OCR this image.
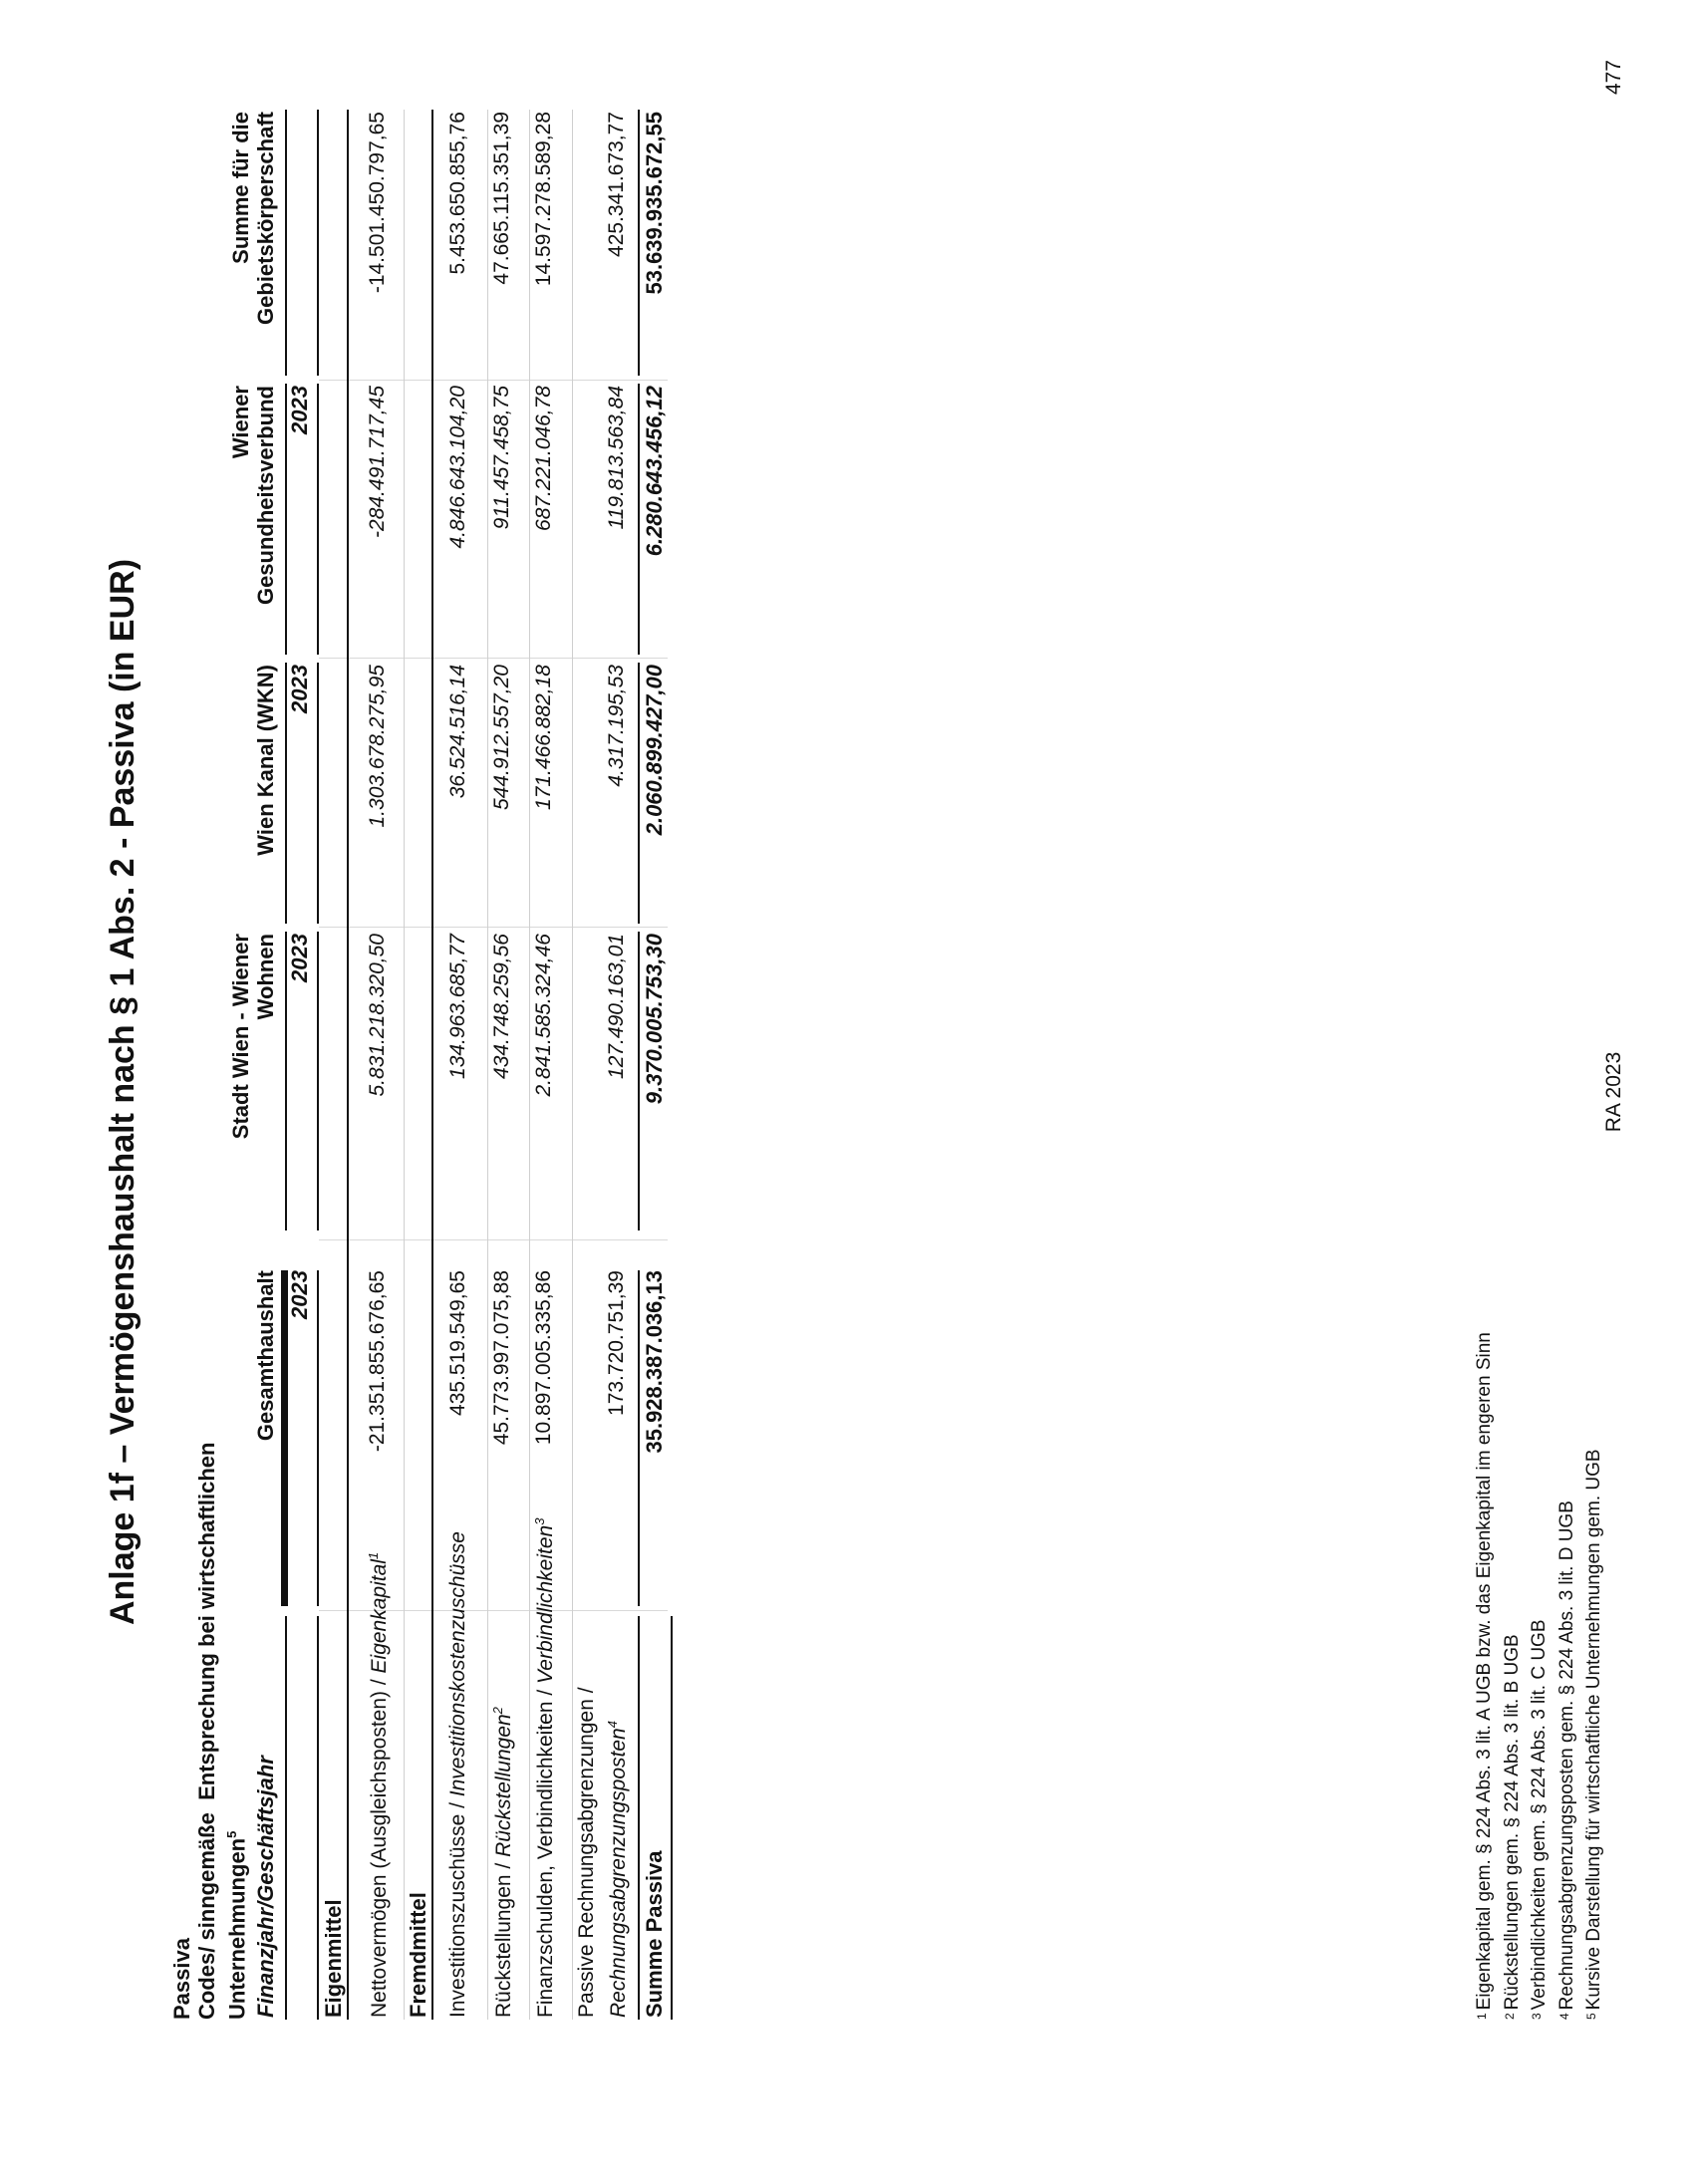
Anlage 1f – Vermögenshaushalt nach § 1 Abs. 2 - Passiva (in EUR)
Passiva Codes/ sinngemäße  Entsprechung bei wirtschaftlichen
Unternehmungen$^5$ Finanzjahr/Geschäftsjahr
Gesamthaushalt
Stadt Wien - Wiener Wohnen
Wien Kanal (WKN)
Wiener Gesundheitsverbund
Summe für die Gebietskörperschaft
2023
2023
2023
2023
Eigenmittel Nettovermögen (Ausgleichsposten) / Eigenkapital$^1$
-21.351.855.676,65
5.831.218.320,50
1.303.678.275,95
-284.491.717,45
-14.501.450.797,65
Fremdmittel Investitionszuschüsse / Investitionskostenzuschüsse
435.519.549,65
134.963.685,77
36.524.516,14
4.846.643.104,20
5.453.650.855,76
Rückstellungen / Rückstellungen$^2$
45.773.997.075,88
434.748.259,56
544.912.557,20
911.457.458,75
47.665.115.351,39
Finanzschulden, Verbindlichkeiten / Verbindlichkeiten$^3$
10.897.005.335,86
2.841.585.324,46
171.466.882,18
687.221.046,78
14.597.278.589,28
Passive Rechnungsabgrenzungen / Rechnungsabgrenzungsposten$^4$
173.720.751,39
127.490.163,01
4.317.195,53
119.813.563,84
425.341.673,77
Summe Passiva
35.928.387.036,13
9.370.005.753,30
2.060.899.427,00
6.280.643.456,12
53.639.935.672,55
$^1$Eigenkapital gem. § 224 Abs. 3 lit. A UGB bzw. das Eigenkapital im engeren Sinn
$^2$Rückstellungen gem. § 224 Abs. 3 lit. B UGB
$^3$Verbindlichkeiten gem. § 224 Abs. 3 lit. C UGB
$^4$Rechnungsabgrenzungsposten gem. § 224 Abs. 3 lit. D UGB
$^5$Kursive Darstellung für wirtschaftliche Unternehmungen gem. UGB
RA 2023
477
